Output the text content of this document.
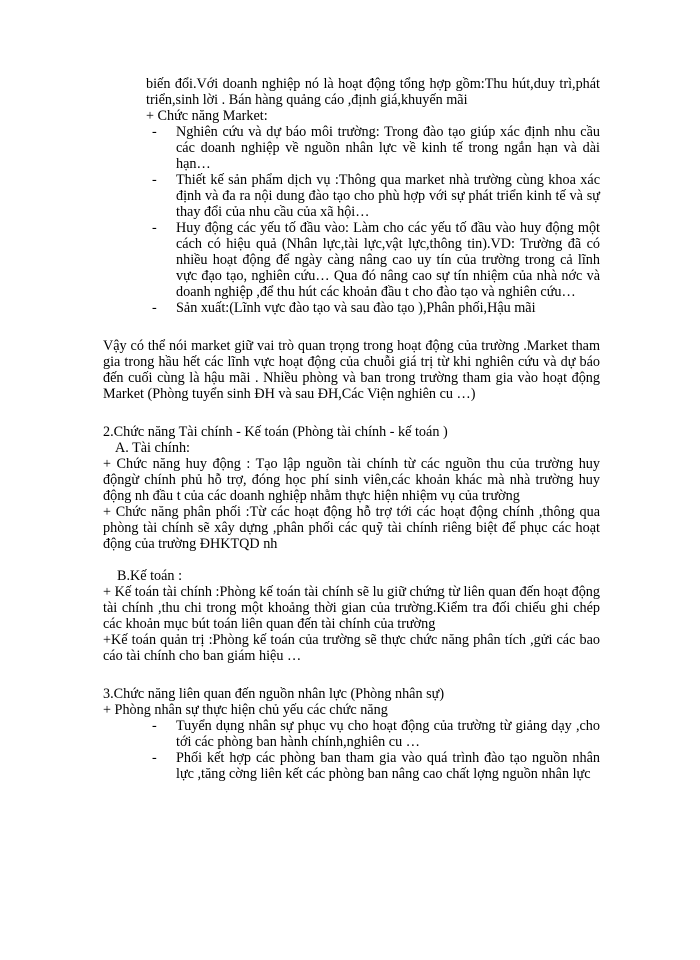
biến đổi.Với doanh nghiệp nó là hoạt động tổng hợp gồm:Thu hút,duy trì,phát triển,sinh lời . Bán hàng quảng cáo ,định giá,khuyến mãi

+ Chức năng Market:

- Nghiên cứu và dự báo môi trường: Trong đào tạo giúp xác định nhu cầu các doanh nghiệp về nguồn nhân lực về kinh tế trong ngắn hạn và dài hạn…
- Thiết kế sản phẩm dịch vụ :Thông qua market nhà trường cùng khoa xác định và đa ra nội dung đào tạo cho phù hợp với sự phát triển kinh tế và sự thay đổi của nhu cầu của xã hội…
- Huy động các yếu tố đầu vào: Làm cho các yếu tố đầu vào huy động một cách có hiệu quả (Nhân lực,tài lực,vật lực,thông tin).VD: Trường đã có nhiều hoạt động để ngày càng nâng cao uy tín của trường trong cả lĩnh vực đạo tạo, nghiên cứu… Qua đó nâng cao sự tín nhiệm của nhà nớc và doanh nghiệp ,để thu hút các khoản đầu t cho đào tạo và nghiên cứu…
- Sản xuất:(Lĩnh vực đào tạo và sau đào tạo ),Phân phối,Hậu mãi

Vậy có thể nói market giữ vai trò quan trọng trong hoạt động của trường .Market tham gia trong hầu hết các lĩnh vực hoạt động của chuỗi giá trị từ khi nghiên cứu và dự báo đến cuối cùng là hậu mãi . Nhiều phòng và ban trong trường tham gia vào hoạt động Market (Phòng tuyển sinh ĐH và sau ĐH,Các Viện nghiên cu …)

2.Chức năng Tài chính - Kế toán (Phòng tài chính - kế toán )

A. Tài chính:

+ Chức năng huy động : Tạo lập nguồn tài chính từ các nguồn thu của trường huy độngừ chính phủ hỗ trợ, đóng học phí sinh viên,các khoản khác mà nhà trường huy động nh đầu t của các doanh nghiệp nhằm thực hiện nhiệm vụ của trường

+ Chức năng phân phối :Từ các hoạt động hỗ trợ tới các hoạt động chính ,thông qua phòng tài chính sẽ xây dựng ,phân phối các quỹ tài chính riêng biệt để phục các hoạt động của trường ĐHKTQD nh

B.Kế toán :

+ Kế toán tài chính :Phòng kế toán tài chính sẽ lu giữ chứng từ liên quan đến hoạt động tài chính ,thu chi trong một khoảng thời gian của trường.Kiểm tra đối chiếu ghi chép các khoản mục bút toán liên quan đến tài chính của trường

+Kế toán quản trị :Phòng kế toán của trường sẽ thực chức năng phân tích ,gửi các bao cáo tài chính cho ban giám hiệu …

3.Chức năng liên quan đến nguồn nhân lực (Phòng nhân sự)

+ Phòng nhân sự thực hiện chủ yếu các chức năng

- Tuyển dụng nhân sự phục vụ cho hoạt động của trường từ giảng dạy ,cho tới các phòng ban hành chính,nghiên cu …
- Phối kết hợp các phòng ban tham gia vào quá trình đào tạo nguồn nhân lực ,tăng cờng liên kết các phòng ban nâng cao chất lợng nguồn nhân lực
